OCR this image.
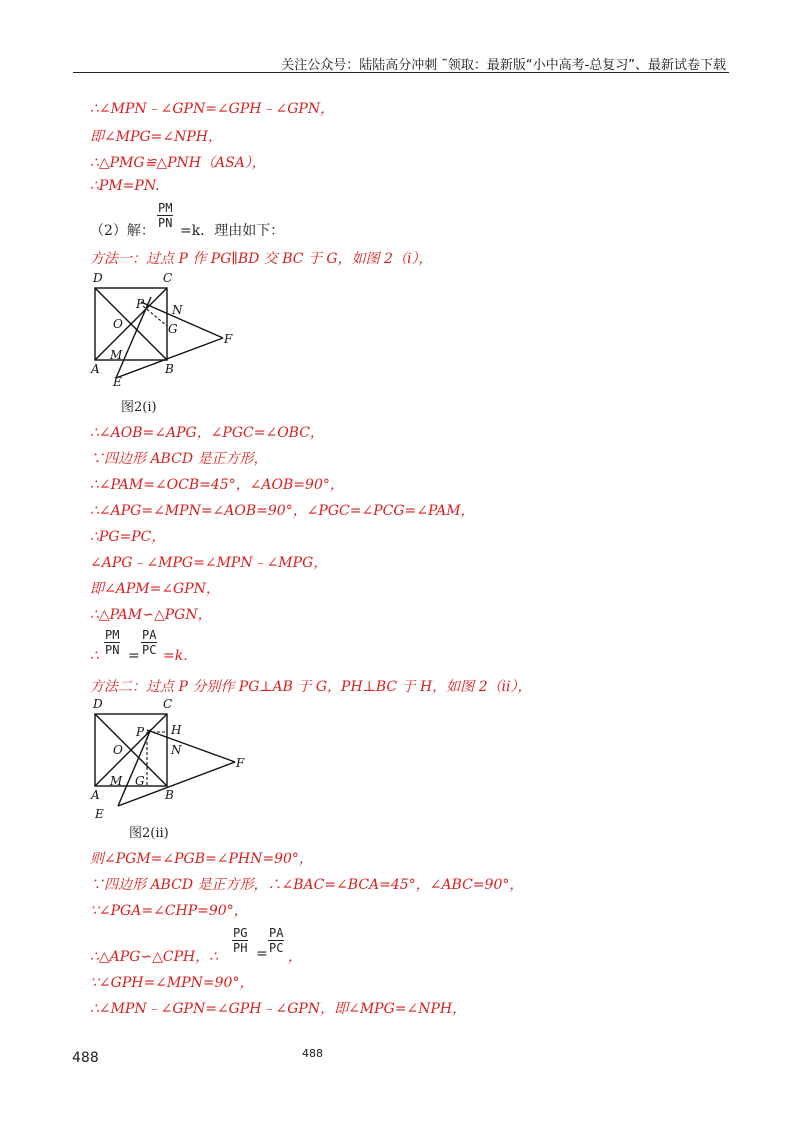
关注公众号：陆陆高分冲刺 ˜领取：最新版“小中高考-总复习”、最新试卷下载
∴∠MPN﹣∠GPN=∠GPH﹣∠GPN，
即∠MPG=∠NPH，
∴△PMG≌△PNH（ASA），
∴PM=PN.
（2）解：
$\frac{PM}{PN}$
=k．理由如下：
方法一：过点 P 作 PG∥BD 交 BC 于 G，如图 2（i），
D	C
P N
O	G
F
M
A	B
E
图2(i)
∴∠AOB=∠APG，∠PGC=∠OBC，
∵四边形 ABCD 是正方形，
∴∠PAM=∠OCB=45°，∠AOB=90°，
∴∠APG=∠MPN=∠AOB=90°，∠PGC=∠PCG=∠PAM，
∴PG=PC，
∠APG﹣∠MPG=∠MPN﹣∠MPG，
即∠APM=∠GPN，
∴△PAM∽△PGN，
∴ $\frac{PM}{PN} = \frac{PA}{PC} =k$.
方法二：过点 P 分别作 PG⊥AB 于 G，PH⊥BC 于 H，如图 2（ii），
D	C
P H
O	N
F
M G
A	B
E
图2(ii)
则∠PGM=∠PGB=∠PHN=90°，
∵四边形 ABCD 是正方形，∴∠BAC=∠BCA=45°，∠ABC=90°，
∵∠PGA=∠CHP=90°，
∴△APG∽△CPH，∴
$\frac{PG}{PH} = \frac{PA}{PC}$
，
∵∠GPH=∠MPN=90°，
∴∠MPN﹣∠GPN=∠GPH﹣∠GPN，即∠MPG=∠NPH，
488	488
